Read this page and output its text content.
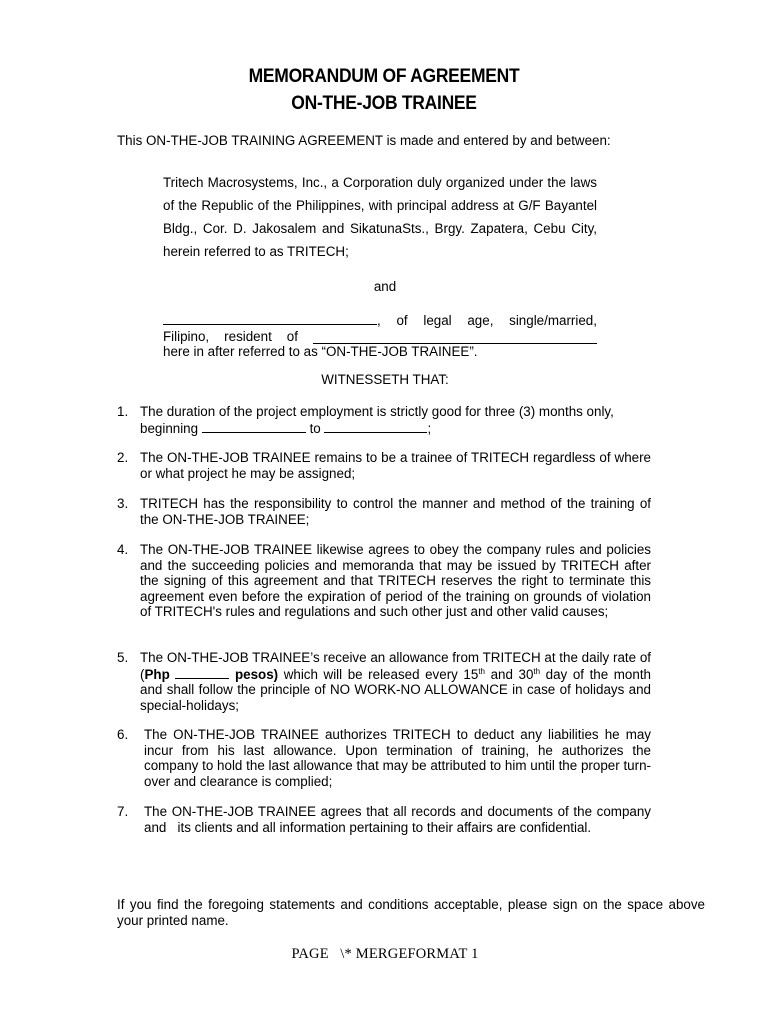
MEMORANDUM OF AGREEMENT
ON-THE-JOB TRAINEE
This ON-THE-JOB TRAINING AGREEMENT is made and entered by and between:
Tritech Macrosystems, Inc., a Corporation duly organized under the laws of the Republic of the Philippines, with principal address at G/F Bayantel Bldg., Cor. D. Jakosalem and SikatunaSts., Brgy. Zapatera, Cebu City, herein referred to as TRITECH;
and
, of legal age, single/married,
Filipino, resident of
here in after referred to as “ON-THE-JOB TRAINEE”.
WITNESSETH THAT:
1. The duration of the project employment is strictly good for three (3) months only, beginning	to	;
2. The ON-THE-JOB TRAINEE remains to be a trainee of TRITECH regardless of where or what project he may be assigned;
3. TRITECH has the responsibility to control the manner and method of the training of the ON-THE-JOB TRAINEE;
4. The ON-THE-JOB TRAINEE likewise agrees to obey the company rules and policies and the succeeding policies and memoranda that may be issued by TRITECH after the signing of this agreement and that TRITECH reserves the right to terminate this agreement even before the expiration of period of the training on grounds of violation of TRITECH's rules and regulations and such other just and other valid causes;
5. The ON-THE-JOB TRAINEE’s receive an allowance from TRITECH at the daily rate of (Php	pesos) which will be released every 15th and 30th day of the month and shall follow the principle of NO WORK-NO ALLOWANCE in case of holidays and special-holidays;
6. The ON-THE-JOB TRAINEE authorizes TRITECH to deduct any liabilities he may incur from his last allowance. Upon termination of training, he authorizes the company to hold the last allowance that may be attributed to him until the proper turn-over and clearance is complied;
7. The ON-THE-JOB TRAINEE agrees that all records and documents of the company and   its clients and all information pertaining to their affairs are confidential.
If you find the foregoing statements and conditions acceptable, please sign on the space above your printed name.
PAGE   \* MERGEFORMAT 1
